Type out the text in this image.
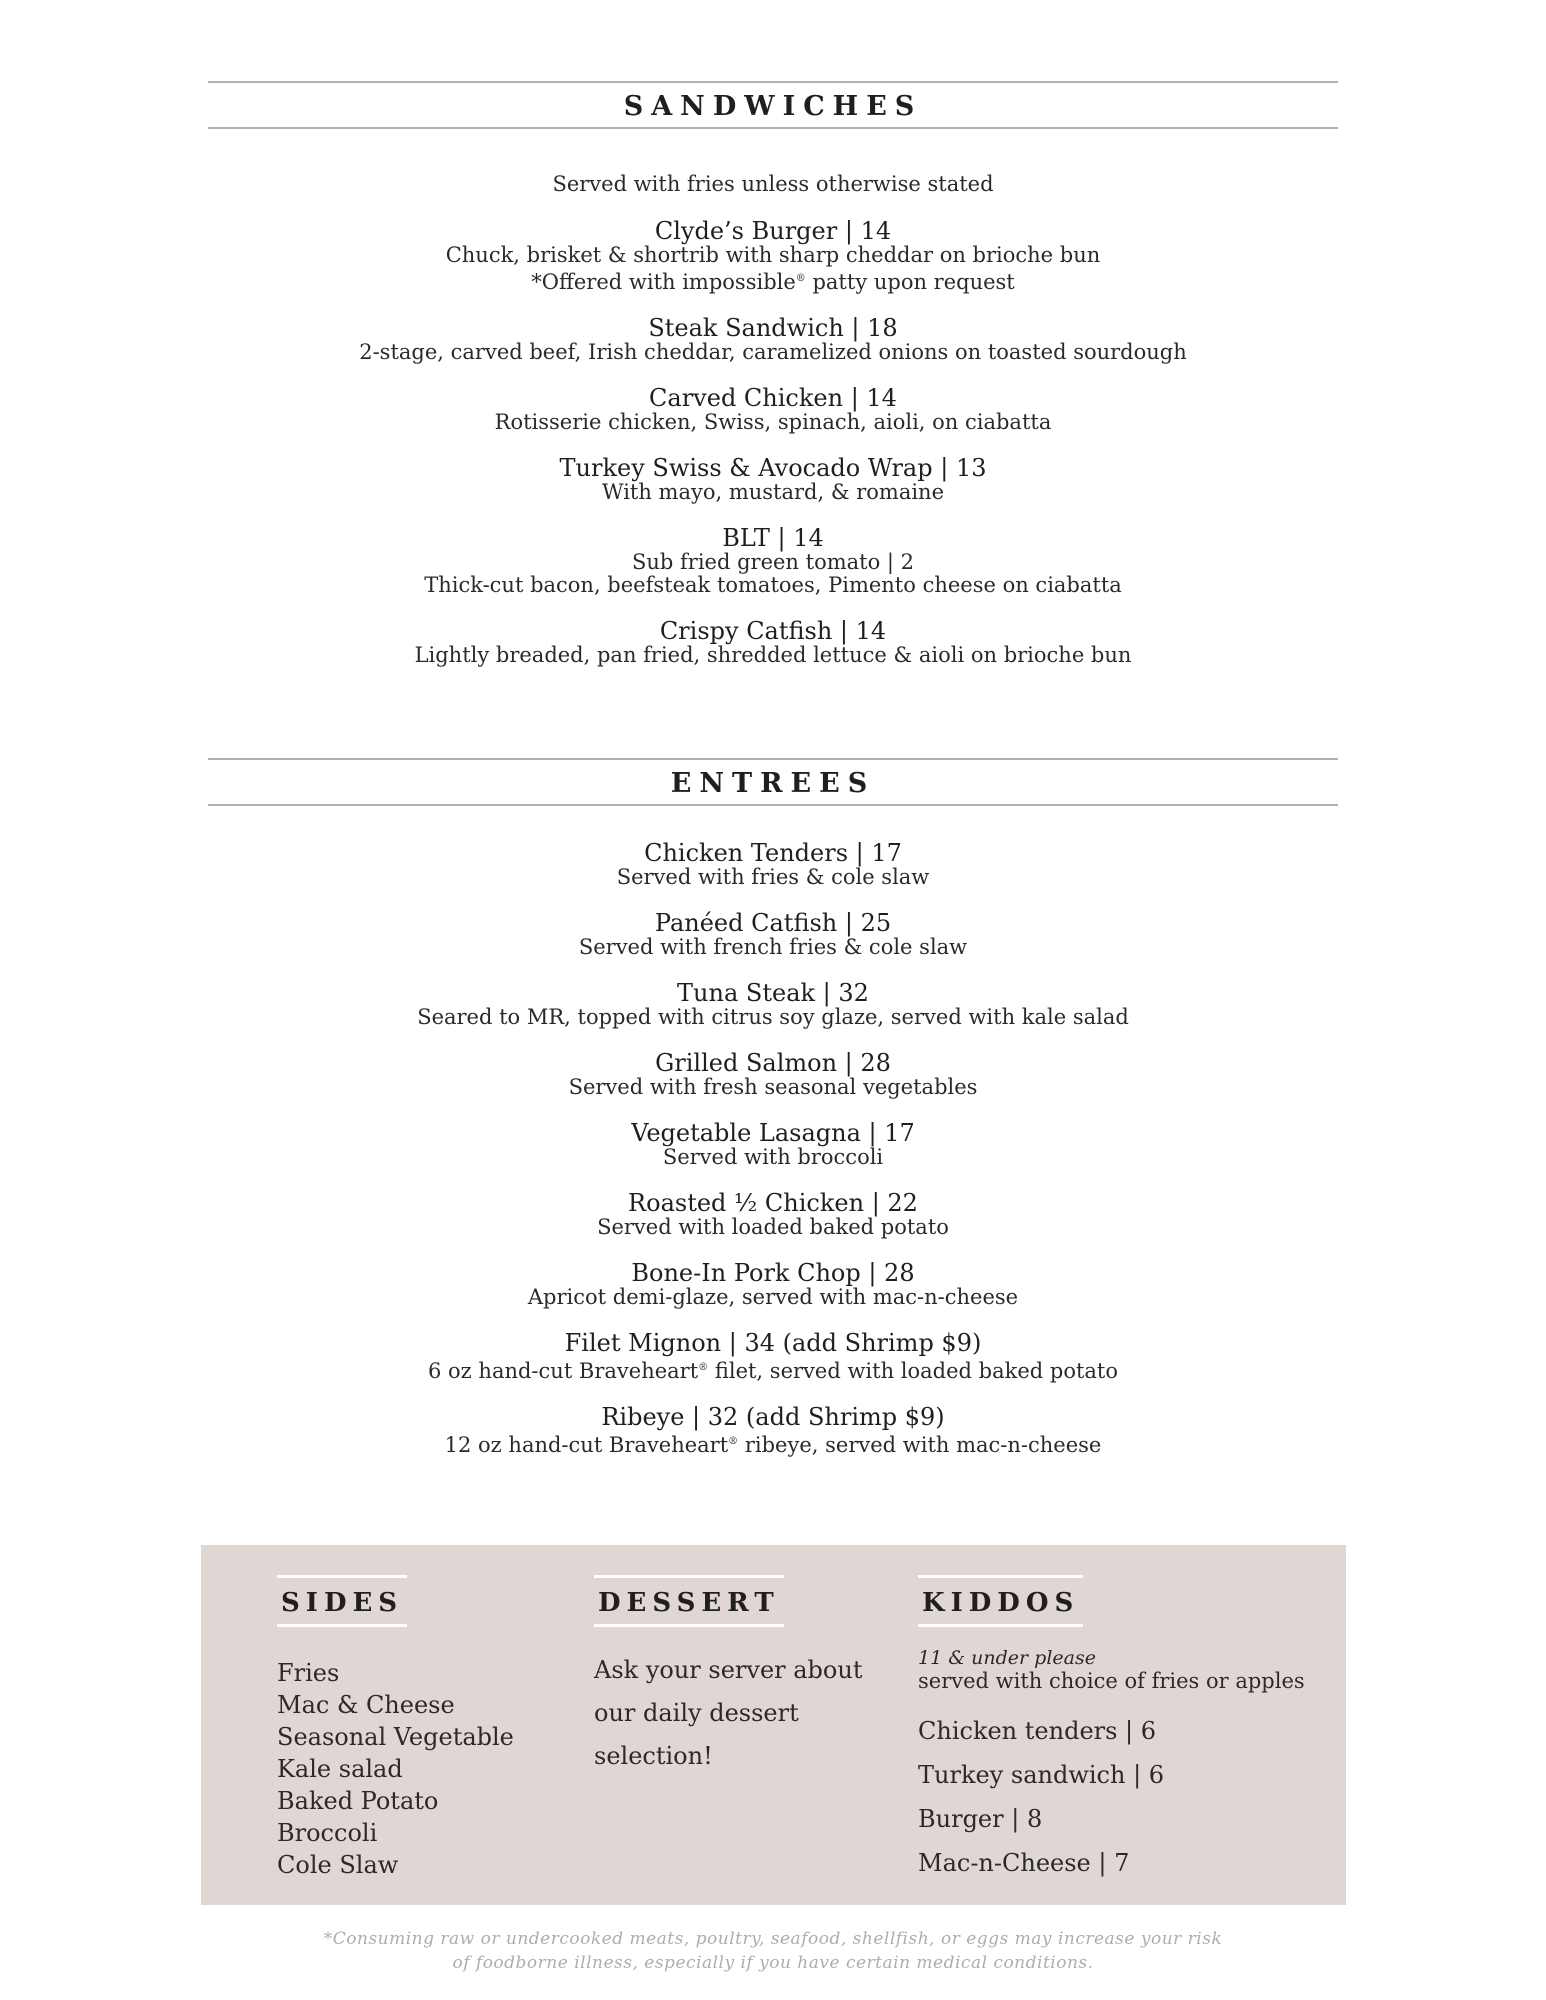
SANDWICHES
Served with fries unless otherwise stated
Clyde’s Burger | 14
Chuck, brisket & shortrib with sharp cheddar on brioche bun
*Offered with impossible® patty upon request
Steak Sandwich | 18
2-stage, carved beef, Irish cheddar, caramelized onions on toasted sourdough
Carved Chicken | 14
Rotisserie chicken, Swiss, spinach, aioli, on ciabatta
Turkey Swiss & Avocado Wrap | 13
With mayo, mustard, & romaine
BLT | 14
Sub fried green tomato | 2
Thick-cut bacon, beefsteak tomatoes, Pimento cheese on ciabatta
Crispy Catfish | 14
Lightly breaded, pan fried, shredded lettuce & aioli on brioche bun
ENTREES
Chicken Tenders | 17
Served with fries & cole slaw
Panéed Catfish | 25
Served with french fries & cole slaw
Tuna Steak | 32
Seared to MR, topped with citrus soy glaze, served with kale salad
Grilled Salmon | 28
Served with fresh seasonal vegetables
Vegetable Lasagna | 17
Served with broccoli
Roasted ½ Chicken | 22
Served with loaded baked potato
Bone-In Pork Chop | 28
Apricot demi-glaze, served with mac-n-cheese
Filet Mignon | 34 (add Shrimp $9)
6 oz hand-cut Braveheart® filet, served with loaded baked potato
Ribeye | 32 (add Shrimp $9)
12 oz hand-cut Braveheart® ribeye, served with mac-n-cheese
SIDES
Fries
Mac & Cheese
Seasonal Vegetable
Kale salad
Baked Potato
Broccoli
Cole Slaw
DESSERT
Ask your server about
our daily dessert
selection!
KIDDOS
11 & under please
served with choice of fries or apples
Chicken tenders | 6
Turkey sandwich | 6
Burger | 8
Mac-n-Cheese | 7
*Consuming raw or undercooked meats, poultry, seafood, shellfish, or eggs may increase your risk
of foodborne illness, especially if you have certain medical conditions.
